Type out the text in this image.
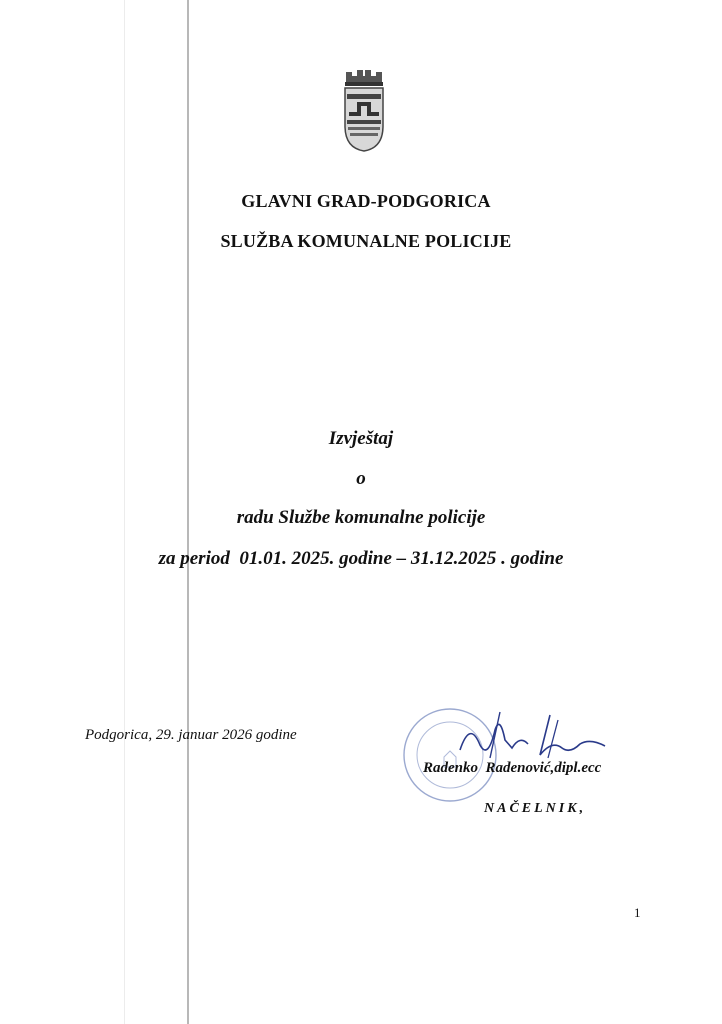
GLAVNI GRAD-PODGORICA
SLUŽBA KOMUNALNE POLICIJE
Izvještaj
o
radu Službe komunalne policije
za period  01.01. 2025. godine – 31.12.2025 . godine
Podgorica, 29. januar 2026 godine
Radenko  Radenović,dipl.ecc
NAČELNIK,
1
